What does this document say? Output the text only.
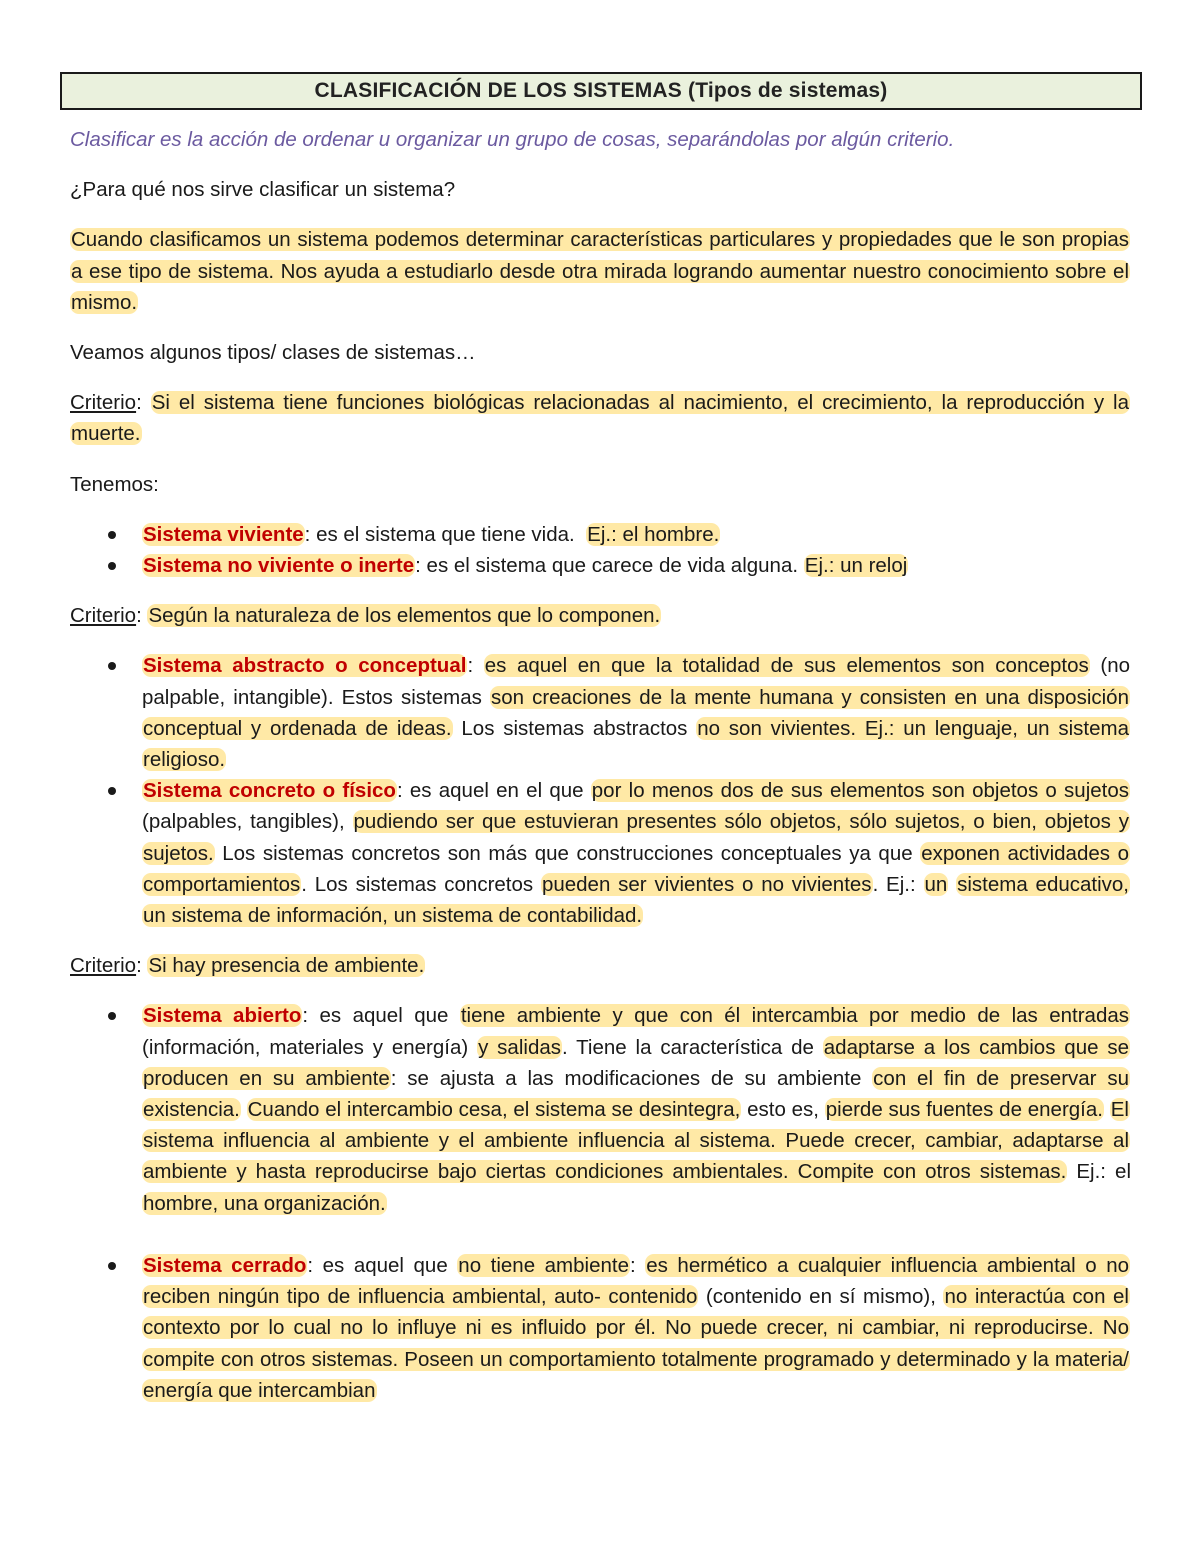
CLASIFICACIÓN DE LOS SISTEMAS (Tipos de sistemas)

Clasificar es la acción de ordenar u organizar un grupo de cosas, separándolas por algún criterio.

¿Para qué nos sirve clasificar un sistema?

Cuando clasificamos un sistema podemos determinar características particulares y propiedades que le son propias a ese tipo de sistema. Nos ayuda a estudiarlo desde otra mirada logrando aumentar nuestro conocimiento sobre el mismo.

Veamos algunos tipos/ clases de sistemas…

Criterio: Si el sistema tiene funciones biológicas relacionadas al nacimiento, el crecimiento, la reproducción y la muerte.

Tenemos:

Sistema viviente: es el sistema que tiene vida. Ej.: el hombre.
Sistema no viviente o inerte: es el sistema que carece de vida alguna. Ej.: un reloj

Criterio: Según la naturaleza de los elementos que lo componen.

Sistema abstracto o conceptual: es aquel en que la totalidad de sus elementos son conceptos (no palpable, intangible). Estos sistemas son creaciones de la mente humana y consisten en una disposición conceptual y ordenada de ideas. Los sistemas abstractos no son vivientes. Ej.: un lenguaje, un sistema religioso.
Sistema concreto o físico: es aquel en el que por lo menos dos de sus elementos son objetos o sujetos (palpables, tangibles), pudiendo ser que estuvieran presentes sólo objetos, sólo sujetos, o bien, objetos y sujetos. Los sistemas concretos son más que construcciones conceptuales ya que exponen actividades o comportamientos. Los sistemas concretos pueden ser vivientes o no vivientes. Ej.: un sistema educativo, un sistema de información, un sistema de contabilidad.

Criterio: Si hay presencia de ambiente.

Sistema abierto: es aquel que tiene ambiente y que con él intercambia por medio de las entradas (información, materiales y energía) y salidas. Tiene la característica de adaptarse a los cambios que se producen en su ambiente: se ajusta a las modificaciones de su ambiente con el fin de preservar su existencia. Cuando el intercambio cesa, el sistema se desintegra, esto es, pierde sus fuentes de energía. El sistema influencia al ambiente y el ambiente influencia al sistema. Puede crecer, cambiar, adaptarse al ambiente y hasta reproducirse bajo ciertas condiciones ambientales. Compite con otros sistemas. Ej.: el hombre, una organización.
Sistema cerrado: es aquel que no tiene ambiente: es hermético a cualquier influencia ambiental o no reciben ningún tipo de influencia ambiental, auto- contenido (contenido en sí mismo), no interactúa con el contexto por lo cual no lo influye ni es influido por él. No puede crecer, ni cambiar, ni reproducirse. No compite con otros sistemas. Poseen un comportamiento totalmente programado y determinado y la materia/ energía que intercambian
